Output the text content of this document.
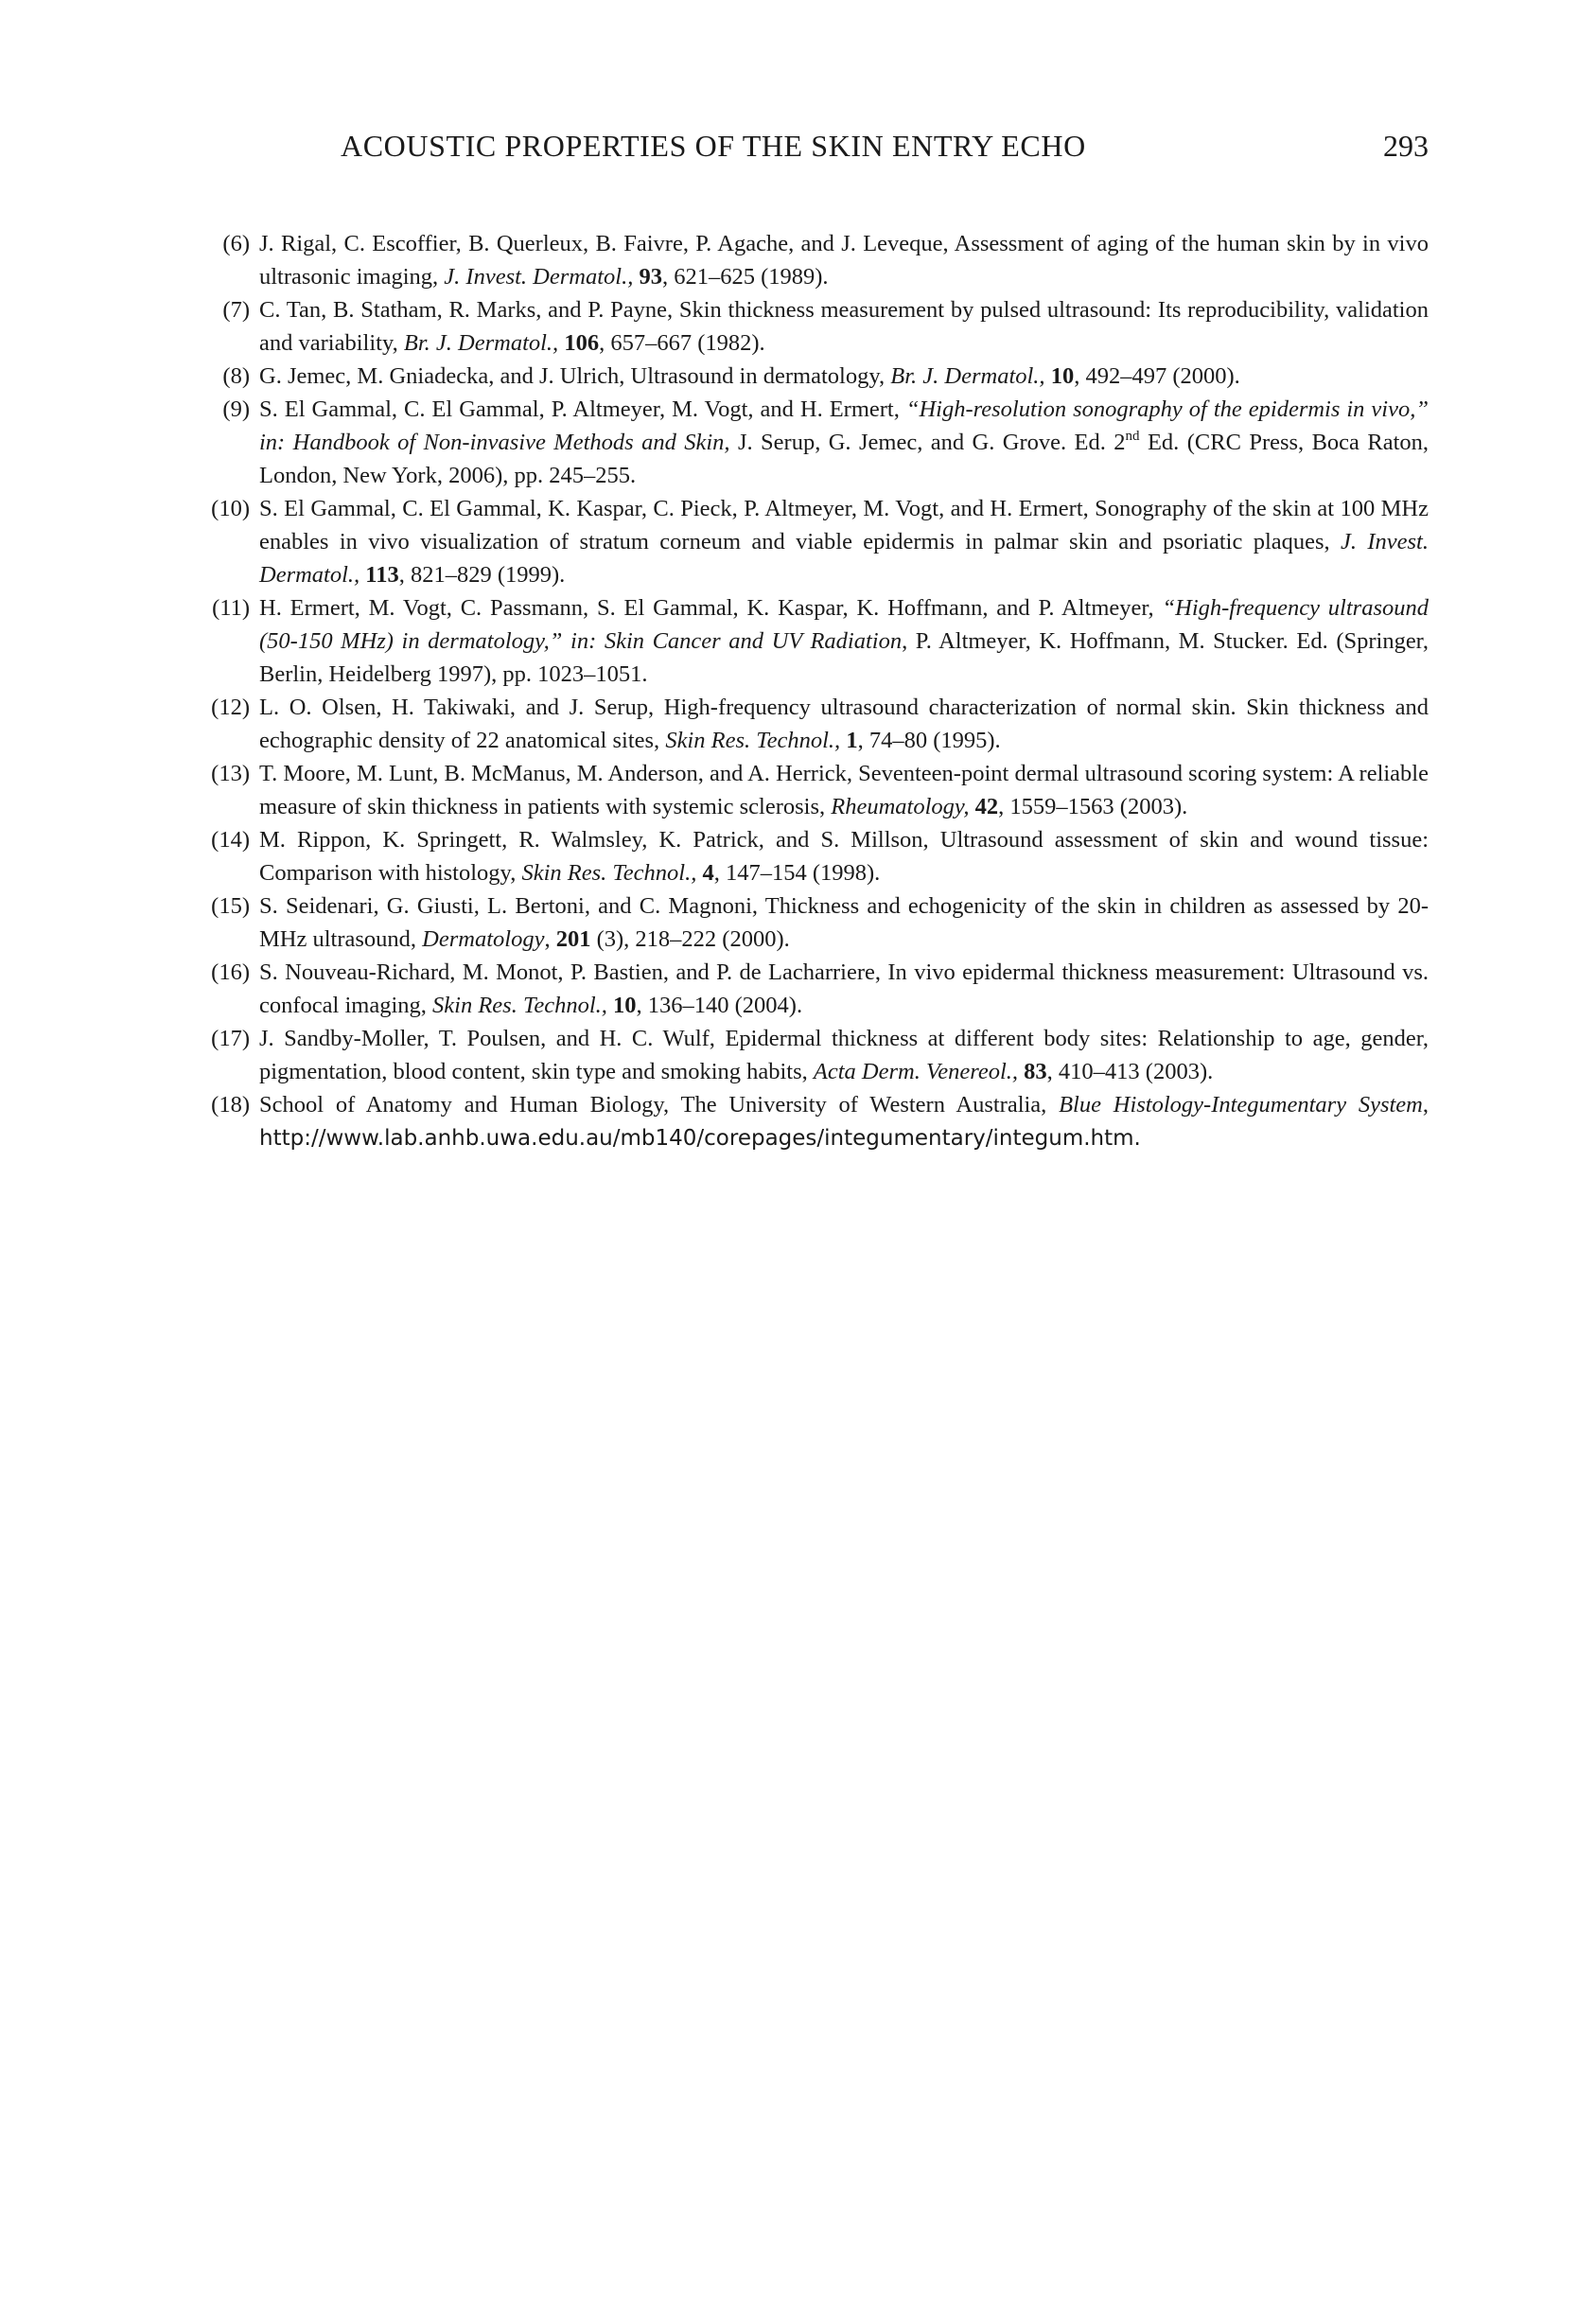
ACOUSTIC PROPERTIES OF THE SKIN ENTRY ECHO	293
(6) J. Rigal, C. Escoffier, B. Querleux, B. Faivre, P. Agache, and J. Leveque, Assessment of aging of the human skin by in vivo ultrasonic imaging, J. Invest. Dermatol., 93, 621–625 (1989).
(7) C. Tan, B. Statham, R. Marks, and P. Payne, Skin thickness measurement by pulsed ultrasound: Its reproducibility, validation and variability, Br. J. Dermatol., 106, 657–667 (1982).
(8) G. Jemec, M. Gniadecka, and J. Ulrich, Ultrasound in dermatology, Br. J. Dermatol., 10, 492–497 (2000).
(9) S. El Gammal, C. El Gammal, P. Altmeyer, M. Vogt, and H. Ermert, “High-resolution sonography of the epidermis in vivo,” in: Handbook of Non-invasive Methods and Skin, J. Serup, G. Jemec, and G. Grove. Ed. 2nd Ed. (CRC Press, Boca Raton, London, New York, 2006), pp. 245–255.
(10) S. El Gammal, C. El Gammal, K. Kaspar, C. Pieck, P. Altmeyer, M. Vogt, and H. Ermert, Sonography of the skin at 100 MHz enables in vivo visualization of stratum corneum and viable epidermis in palmar skin and psoriatic plaques, J. Invest. Dermatol., 113, 821–829 (1999).
(11) H. Ermert, M. Vogt, C. Passmann, S. El Gammal, K. Kaspar, K. Hoffmann, and P. Altmeyer, “High-frequency ultrasound (50-150 MHz) in dermatology,” in: Skin Cancer and UV Radiation, P. Altmeyer, K. Hoffmann, M. Stucker. Ed. (Springer, Berlin, Heidelberg 1997), pp. 1023–1051.
(12) L. O. Olsen, H. Takiwaki, and J. Serup, High-frequency ultrasound characterization of normal skin. Skin thickness and echographic density of 22 anatomical sites, Skin Res. Technol., 1, 74–80 (1995).
(13) T. Moore, M. Lunt, B. McManus, M. Anderson, and A. Herrick, Seventeen-point dermal ultrasound scoring system: A reliable measure of skin thickness in patients with systemic sclerosis, Rheumatology, 42, 1559–1563 (2003).
(14) M. Rippon, K. Springett, R. Walmsley, K. Patrick, and S. Millson, Ultrasound assessment of skin and wound tissue: Comparison with histology, Skin Res. Technol., 4, 147–154 (1998).
(15) S. Seidenari, G. Giusti, L. Bertoni, and C. Magnoni, Thickness and echogenicity of the skin in children as assessed by 20-MHz ultrasound, Dermatology, 201 (3), 218–222 (2000).
(16) S. Nouveau-Richard, M. Monot, P. Bastien, and P. de Lacharriere, In vivo epidermal thickness measurement: Ultrasound vs. confocal imaging, Skin Res. Technol., 10, 136–140 (2004).
(17) J. Sandby-Moller, T. Poulsen, and H. C. Wulf, Epidermal thickness at different body sites: Relationship to age, gender, pigmentation, blood content, skin type and smoking habits, Acta Derm. Venereol., 83, 410–413 (2003).
(18) School of Anatomy and Human Biology, The University of Western Australia, Blue Histology-Integumentary System, http://www.lab.anhb.uwa.edu.au/mb140/corepages/integumentary/integum.htm.
